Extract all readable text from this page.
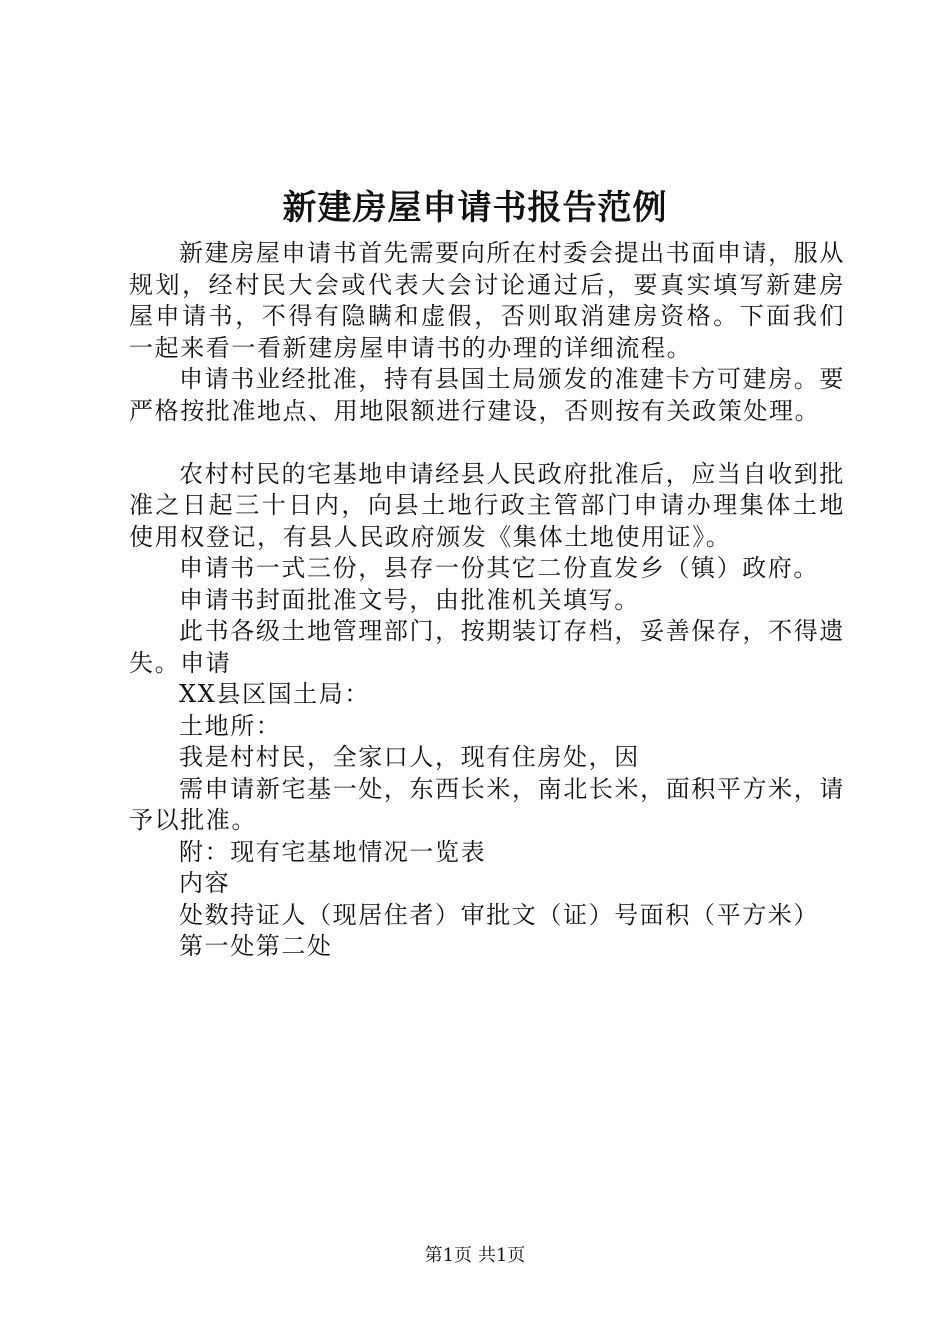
新建房屋申请书报告范例

新建房屋申请书首先需要向所在村委会提出书面申请，服从规划，经村民大会或代表大会讨论通过后，要真实填写新建房屋申请书，不得有隐瞒和虚假，否则取消建房资格。下面我们一起来看一看新建房屋申请书的办理的详细流程。

申请书业经批准，持有县国土局颁发的准建卡方可建房。要严格按批准地点、用地限额进行建设，否则按有关政策处理。

农村村民的宅基地申请经县人民政府批准后，应当自收到批准之日起三十日内，向县土地行政主管部门申请办理集体土地使用权登记，有县人民政府颁发《集体土地使用证》。

申请书一式三份，县存一份其它二份直发乡（镇）政府。

申请书封面批准文号，由批准机关填写。

此书各级土地管理部门，按期装订存档，妥善保存，不得遗失。申请

XX县区国土局：

土地所：

我是村村民，全家口人，现有住房处，因

需申请新宅基一处，东西长米，南北长米，面积平方米，请予以批准。

附：现有宅基地情况一览表

内容

处数持证人（现居住者）审批文（证）号面积（平方米）

第一处第二处

第1页 共1页
